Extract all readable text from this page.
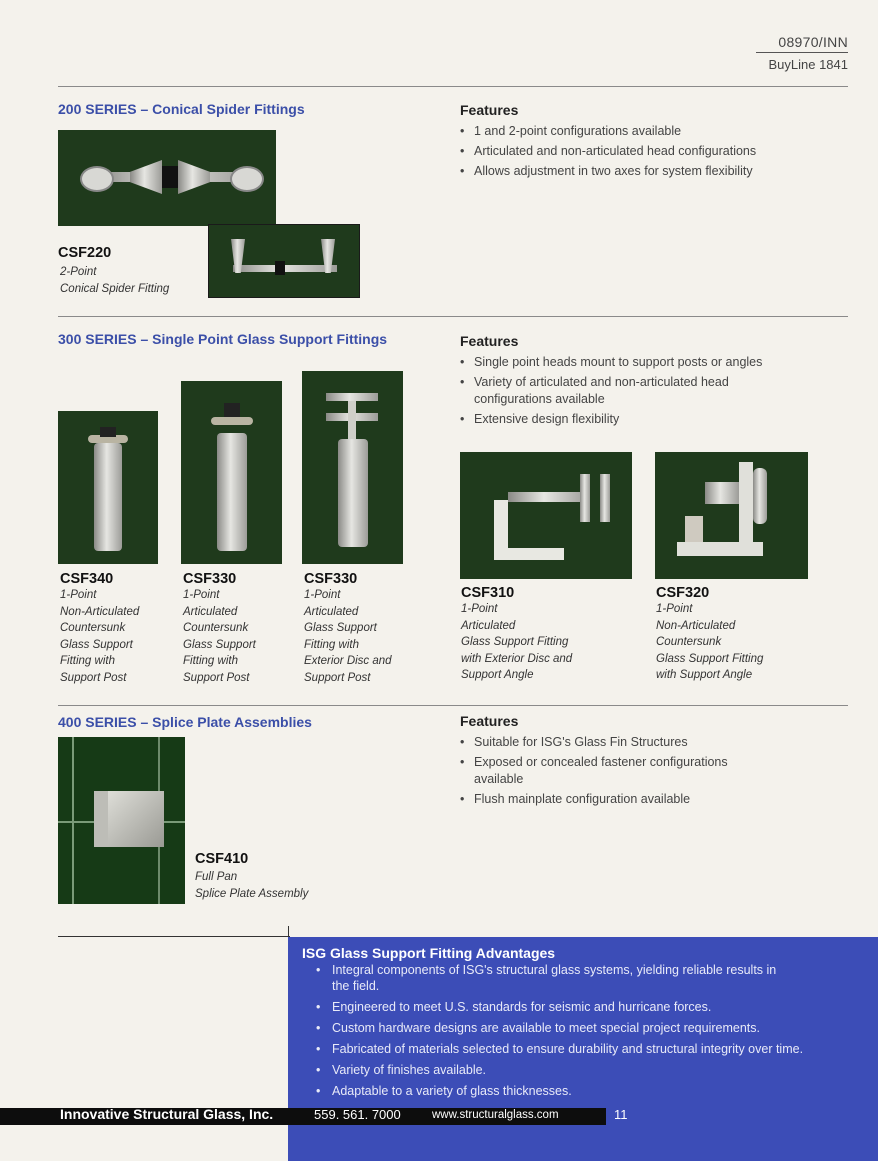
08970/INN
BuyLine 1841
200 SERIES – Conical Spider Fittings
CSF220
2-Point
Conical Spider Fitting
Features
• 1 and 2-point configurations available
• Articulated and non-articulated head configurations
• Allows adjustment in two axes for system flexibility
300 SERIES – Single Point Glass Support Fittings
CSF340
1-Point
Non-Articulated
Countersunk
Glass Support
Fitting with
Support Post
CSF330
1-Point
Articulated
Countersunk
Glass Support
Fitting with
Support Post
CSF330
1-Point
Articulated
Glass Support
Fitting with
Exterior Disc and
Support Post
Features
• Single point heads mount to support posts or angles
• Variety of articulated and non-articulated head configurations available
• Extensive design flexibility
CSF310
1-Point
Articulated
Glass Support Fitting
with Exterior Disc and
Support Angle
CSF320
1-Point
Non-Articulated
Countersunk
Glass Support Fitting
with Support Angle
400 SERIES – Splice Plate Assemblies
CSF410
Full Pan
Splice Plate Assembly
Features
• Suitable for ISG's Glass Fin Structures
• Exposed or concealed fastener configurations available
• Flush mainplate configuration available
ISG Glass Support Fitting Advantages
• Integral components of ISG's structural glass systems, yielding reliable results in the field.
• Engineered to meet U.S. standards for seismic and hurricane forces.
• Custom hardware designs are available to meet special project requirements.
• Fabricated of materials selected to ensure durability and structural integrity over time.
• Variety of finishes available.
• Adaptable to a variety of glass thicknesses.
Innovative Structural Glass, Inc.	559. 561. 7000	www.structuralglass.com	11
